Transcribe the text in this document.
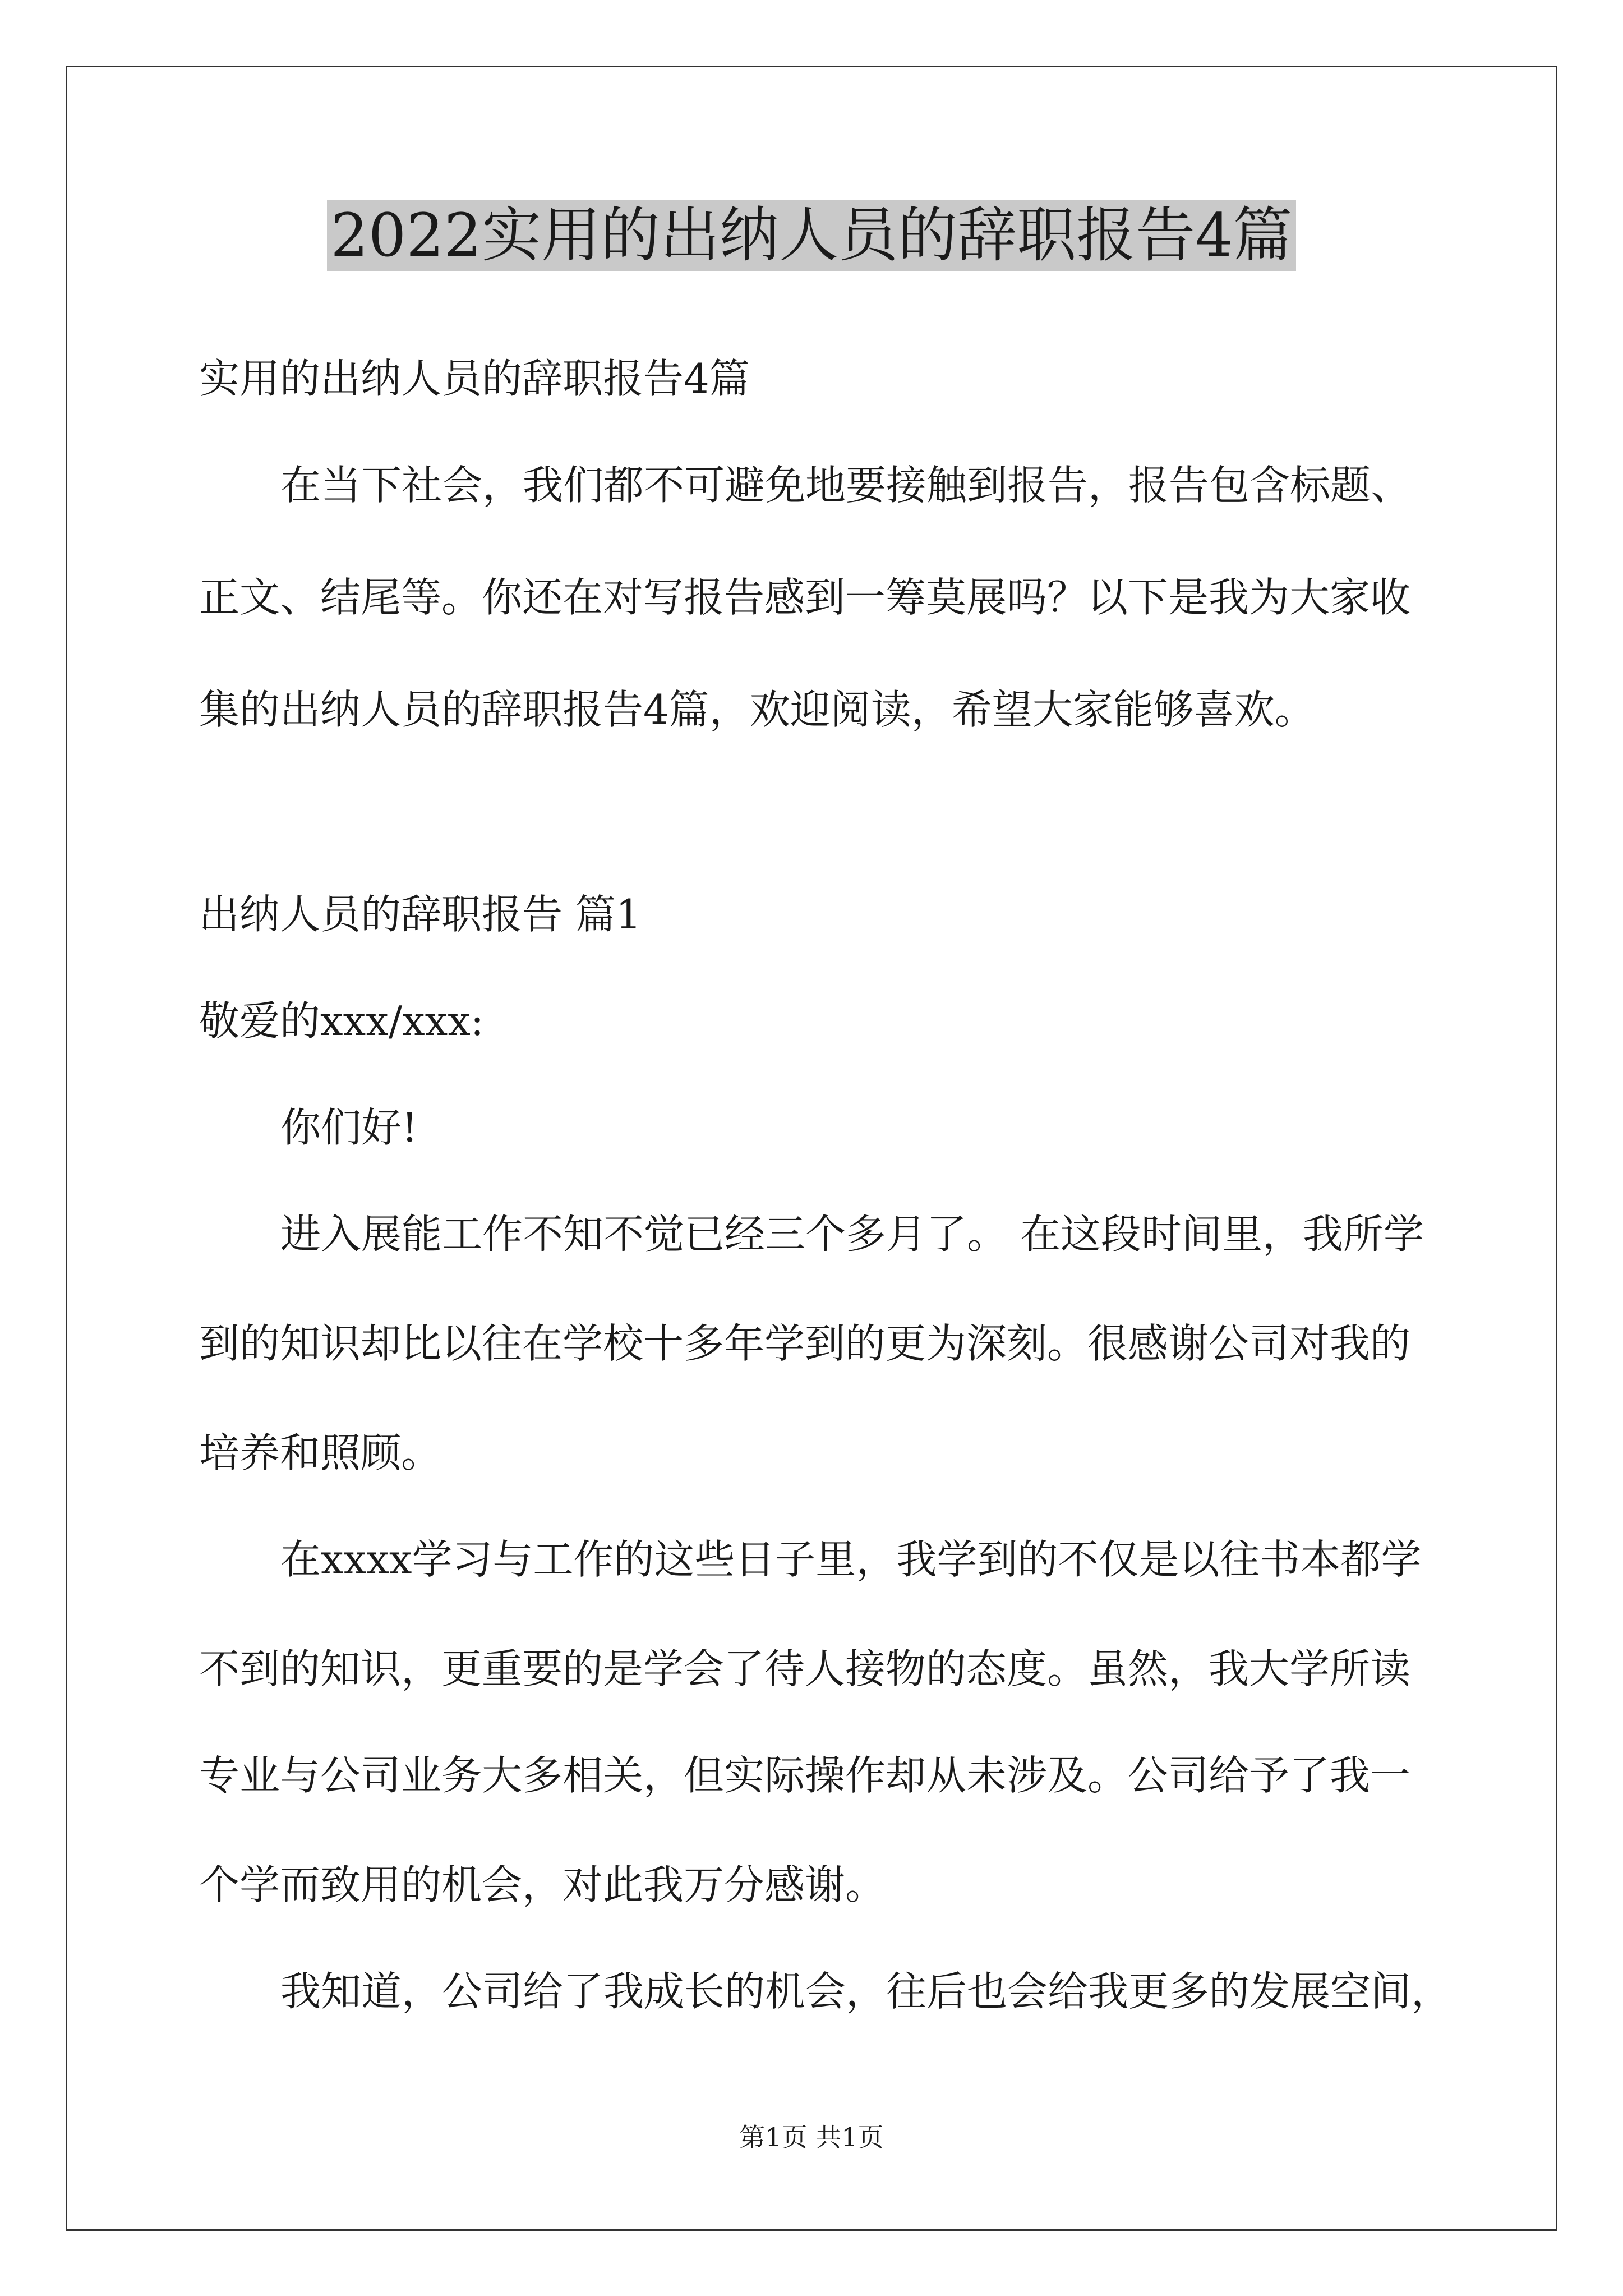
2022实用的出纳人员的辞职报告4篇
实用的出纳人员的辞职报告4篇
在当下社会，我们都不可避免地要接触到报告，报告包含标题、
正文、结尾等。你还在对写报告感到一筹莫展吗？以下是我为大家收
集的出纳人员的辞职报告4篇，欢迎阅读，希望大家能够喜欢。
出纳人员的辞职报告 篇1
敬爱的xxx/xxx:
你们好!
进入展能工作不知不觉已经三个多月了。 在这段时间里，我所学
到的知识却比以往在学校十多年学到的更为深刻。很感谢公司对我的
培养和照顾。
在xxxx学习与工作的这些日子里，我学到的不仅是以往书本都学
不到的知识，更重要的是学会了待人接物的态度。虽然，我大学所读
专业与公司业务大多相关，但实际操作却从未涉及。公司给予了我一
个学而致用的机会，对此我万分感谢。
我知道，公司给了我成长的机会，往后也会给我更多的发展空间，
第1页 共1页
